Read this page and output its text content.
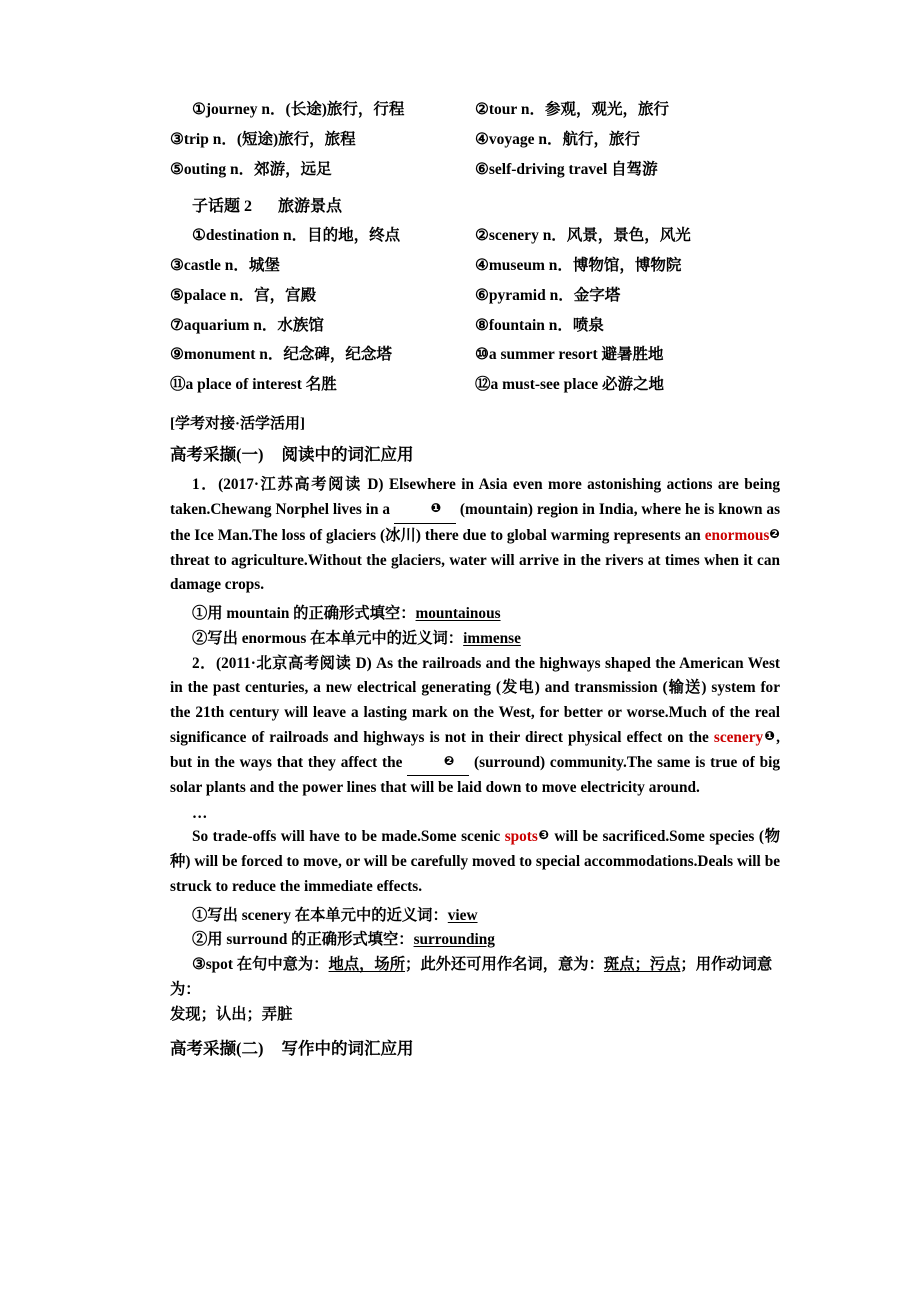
①journey n．(长途)旅行，行程	②tour n．参观，观光，旅行
③trip n．(短途)旅行，旅程	④voyage n．航行，旅行
⑤outing n．郊游，远足	⑥self-driving travel 自驾游
子话题 2 旅游景点
①destination n．目的地，终点	②scenery n．风景，景色，风光
③castle n．城堡	④museum n．博物馆，博物院
⑤palace n．宫，宫殿	⑥pyramid n．金字塔
⑦aquarium n．水族馆	⑧fountain n．喷泉
⑨monument n．纪念碑，纪念塔	⑩a summer resort 避暑胜地
⑪a place of interest 名胜	⑫a must-see place 必游之地
[学考对接·活学活用]
高考采撷(一) 阅读中的词汇应用

1．(2017·江苏高考阅读 D) Elsewhere in Asia even more astonishing actions are being taken.Chewang Norphel lives in a	❶ (mountain) region in India, where he is known as the Ice Man.The loss of glaciers (冰川) there due to global warming represents an enormous❷ threat to agriculture.Without the glaciers, water will arrive in the rivers at times when it can damage crops.

①用 mountain 的正确形式填空：mountainous

②写出 enormous 在本单元中的近义词：immense

2．(2011·北京高考阅读 D) As the railroads and the highways shaped the American West in the past centuries, a new electrical generating (发电) and transmission (输送) system for the 21th century will leave a lasting mark on the West, for better or worse.Much of the real significance of railroads and highways is not in their direct physical effect on the scenery❶, but in the ways that they affect the	❷ (surround) community.The same is true of big solar plants and the power lines that will be laid down to move electricity around.

…

So trade-offs will have to be made.Some scenic spots❸ will be sacrificed.Some species (物种) will be forced to move, or will be carefully moved to special accommodations.Deals will be struck to reduce the immediate effects.

①写出 scenery 在本单元中的近义词：view

②用 surround 的正确形式填空：surrounding

③spot 在句中意为：地点，场所；此外还可用作名词，意为：斑点；污点；用作动词意为：

发现；认出；弄脏

高考采撷(二) 写作中的词汇应用
